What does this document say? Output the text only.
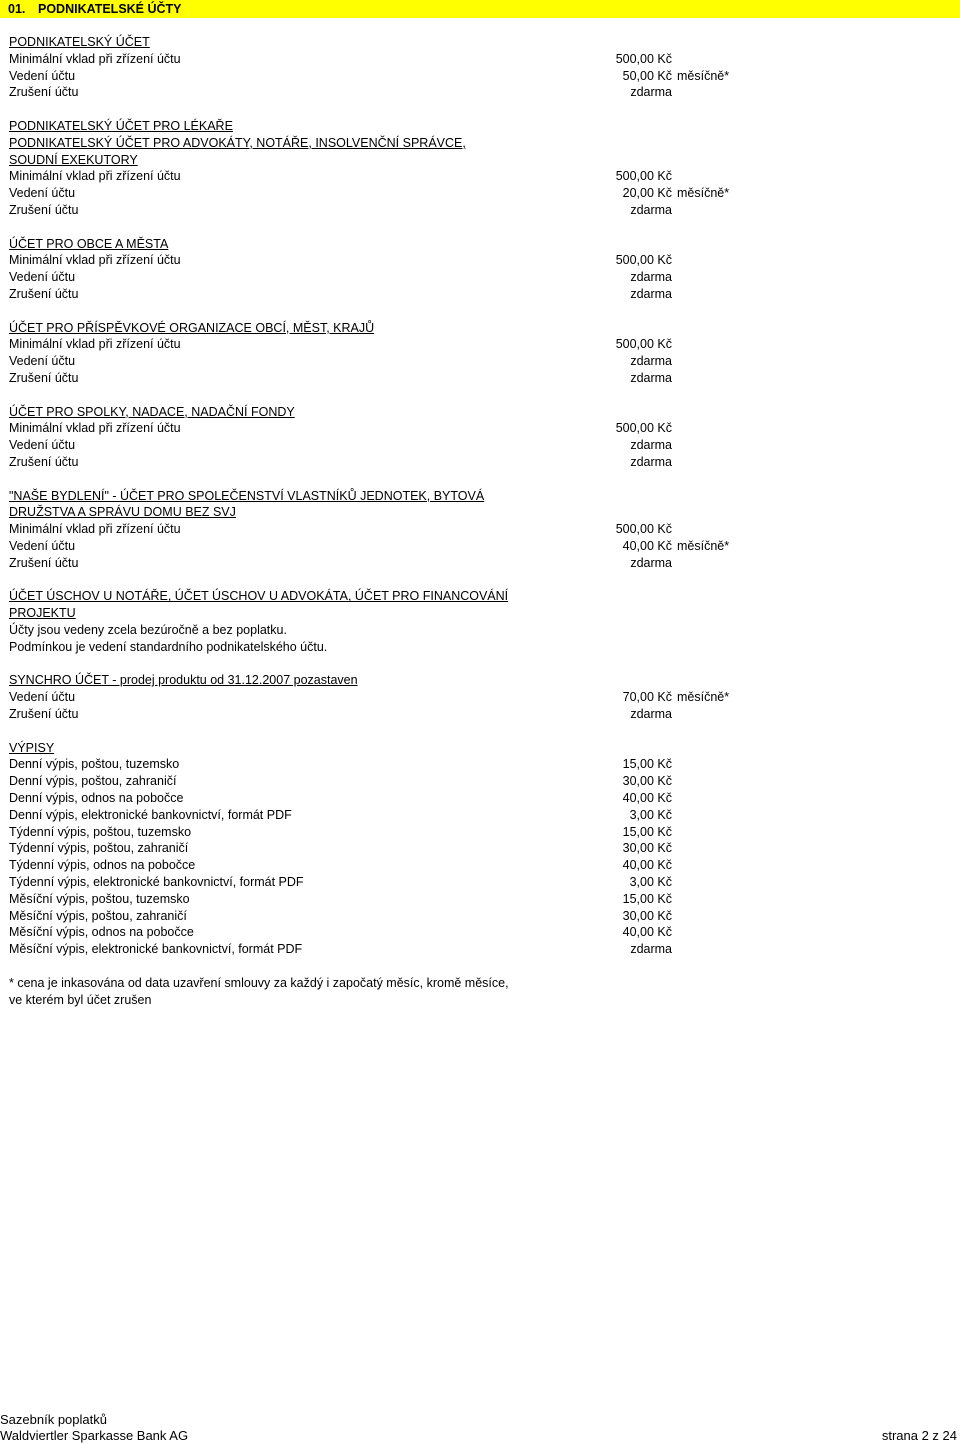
01. PODNIKATELSKÉ ÚČTY
PODNIKATELSKÝ ÚČET
Minimální vklad při zřízení účtu	500,00 Kč
Vedení účtu	50,00 Kč měsíčně*
Zrušení účtu	zdarma
PODNIKATELSKÝ ÚČET PRO LÉKAŘE
PODNIKATELSKÝ ÚČET PRO ADVOKÁTY, NOTÁŘE, INSOLVENČNÍ SPRÁVCE,
SOUDNÍ EXEKUTORY
Minimální vklad při zřízení účtu	500,00 Kč
Vedení účtu	20,00 Kč měsíčně*
Zrušení účtu	zdarma
ÚČET PRO OBCE A MĚSTA
Minimální vklad při zřízení účtu	500,00 Kč
Vedení účtu	zdarma
Zrušení účtu	zdarma
ÚČET PRO PŘÍSPĚVKOVÉ ORGANIZACE OBCÍ, MĚST, KRAJŮ
Minimální vklad při zřízení účtu	500,00 Kč
Vedení účtu	zdarma
Zrušení účtu	zdarma
ÚČET PRO SPOLKY, NADACE, NADAČNÍ FONDY
Minimální vklad při zřízení účtu	500,00 Kč
Vedení účtu	zdarma
Zrušení účtu	zdarma
"NAŠE BYDLENÍ" - ÚČET PRO SPOLEČENSTVÍ VLASTNÍKŮ JEDNOTEK, BYTOVÁ
DRUŽSTVA A SPRÁVU DOMU BEZ SVJ
Minimální vklad při zřízení účtu	500,00 Kč
Vedení účtu	40,00 Kč měsíčně*
Zrušení účtu	zdarma
ÚČET ÚSCHOV U NOTÁŘE, ÚČET ÚSCHOV U ADVOKÁTA, ÚČET PRO FINANCOVÁNÍ
PROJEKTU
Účty jsou vedeny zcela bezúročně a bez poplatku.
Podmínkou je vedení standardního podnikatelského účtu.
SYNCHRO ÚČET - prodej produktu od 31.12.2007 pozastaven
Vedení účtu	70,00 Kč měsíčně*
Zrušení účtu	zdarma
VÝPISY
Denní výpis, poštou, tuzemsko	15,00 Kč
Denní výpis, poštou, zahraničí	30,00 Kč
Denní výpis, odnos na pobočce	40,00 Kč
Denní výpis, elektronické bankovnictví, formát PDF	3,00 Kč
Týdenní výpis, poštou, tuzemsko	15,00 Kč
Týdenní výpis, poštou, zahraničí	30,00 Kč
Týdenní výpis, odnos na pobočce	40,00 Kč
Týdenní výpis, elektronické bankovnictví, formát PDF	3,00 Kč
Měsíční výpis, poštou, tuzemsko	15,00 Kč
Měsíční výpis, poštou, zahraničí	30,00 Kč
Měsíční výpis, odnos na pobočce	40,00 Kč
Měsíční výpis, elektronické bankovnictví, formát PDF	zdarma
* cena je inkasována od data uzavření smlouvy za každý i započatý měsíc, kromě měsíce,
ve kterém byl účet zrušen
Sazebník poplatků
Waldviertler Sparkasse Bank AG	strana 2 z 24
